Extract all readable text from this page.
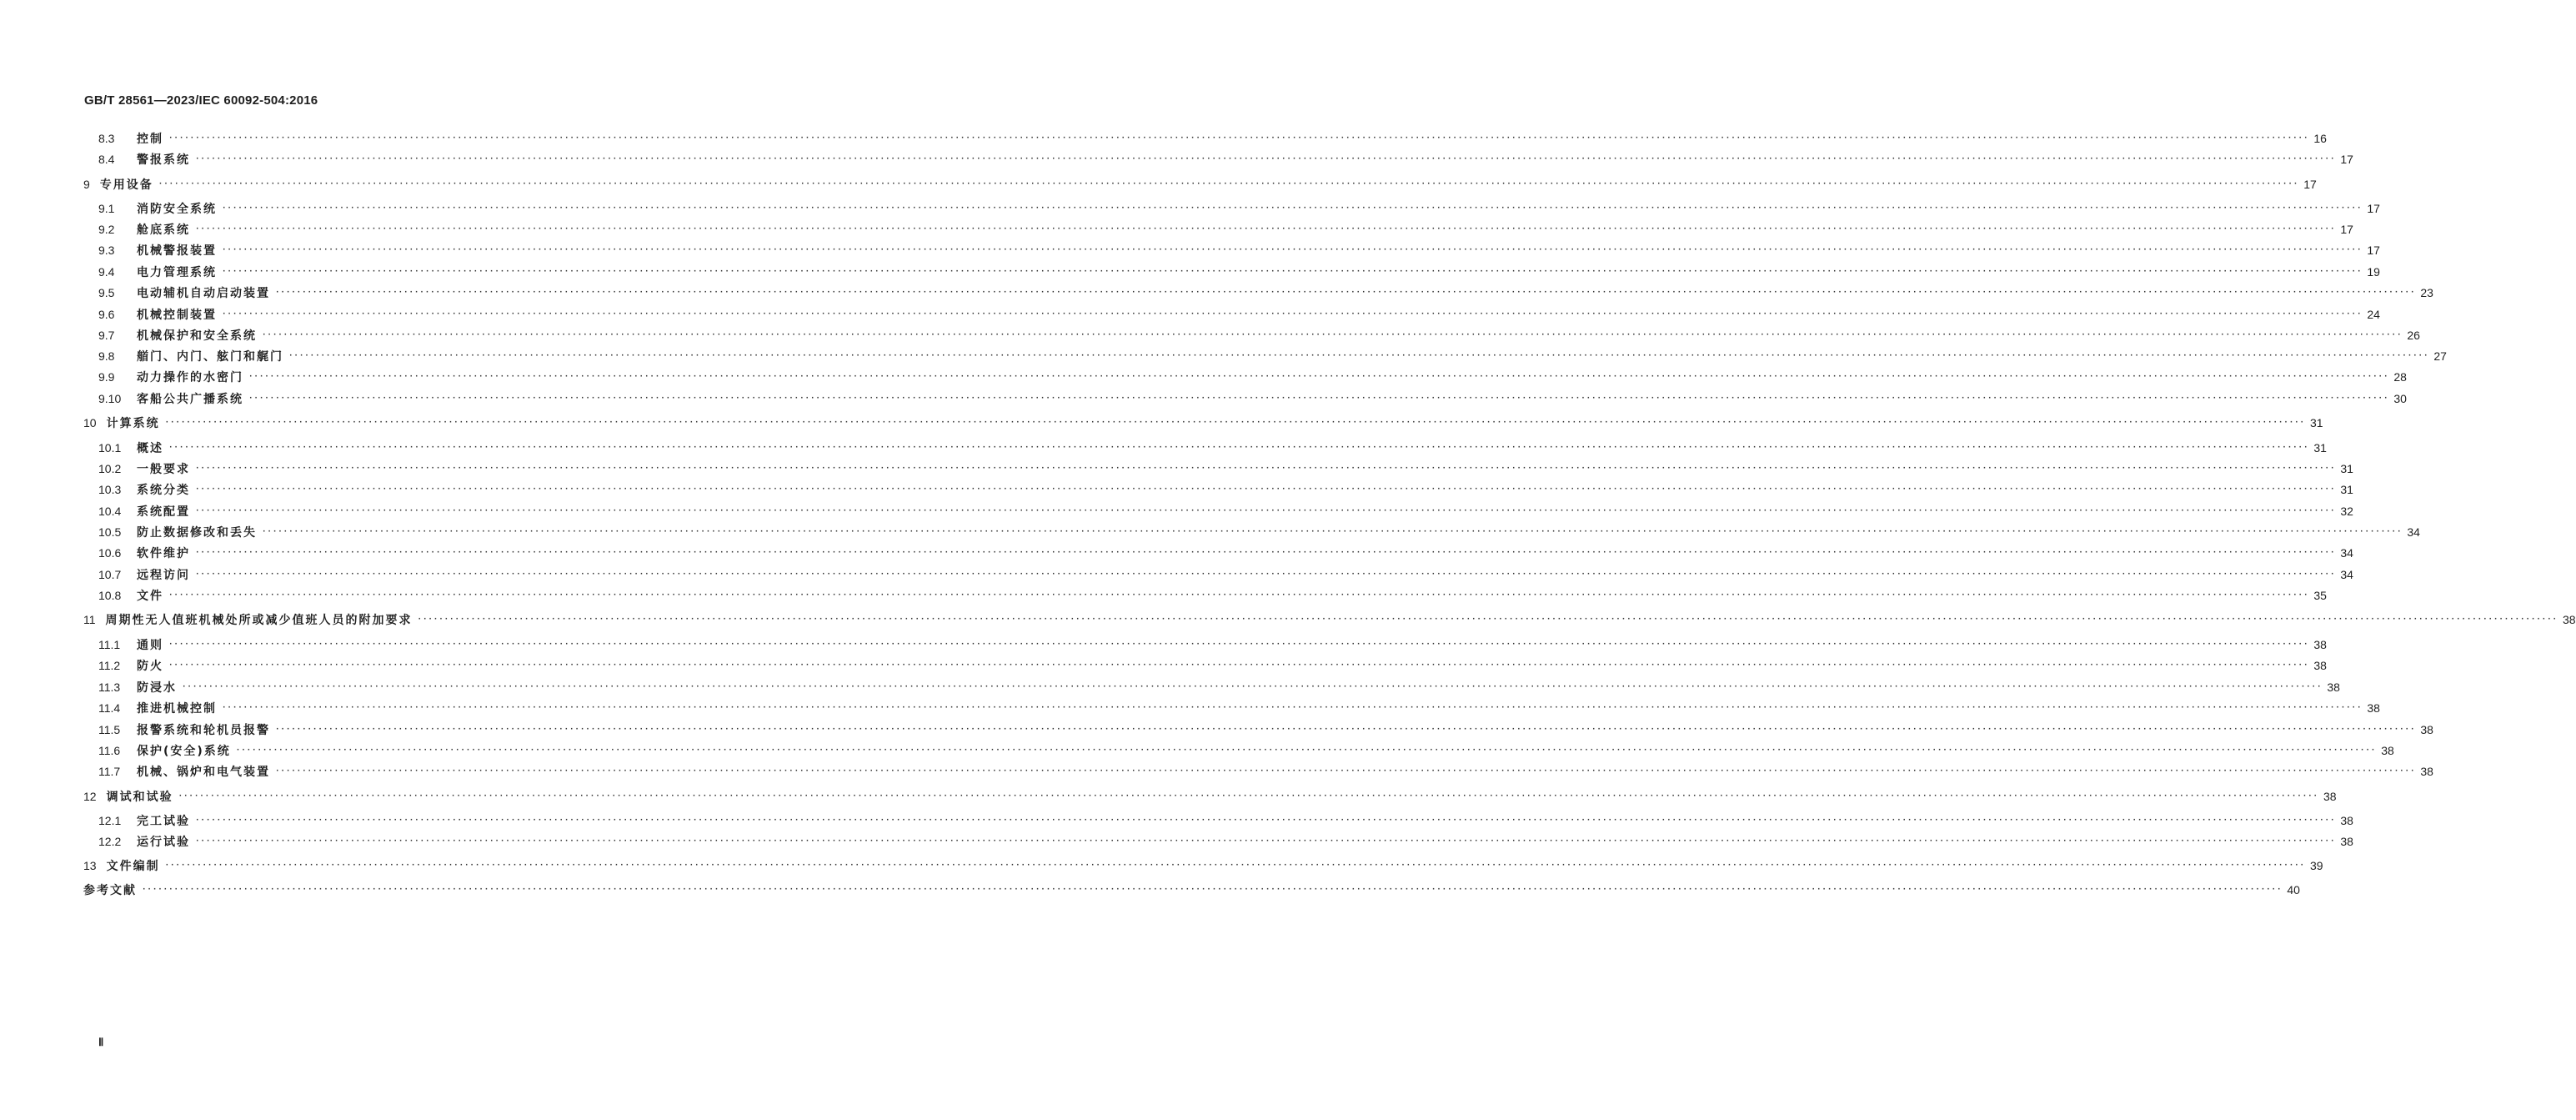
GB/T 28561—2023/IEC 60092-504:2016
8.3	控制 ················································································································································································································································································································································································································ 16
8.4	警报系统 ················································································································································································································································································································································································································ 17
9 专用设备 ················································································································································································································································································································································································································ 17
9.1	消防安全系统 ················································································································································································································································································································································································································ 17
9.2	舱底系统 ················································································································································································································································································································································································································ 17
9.3	机械警报装置 ················································································································································································································································································································································································································ 17
9.4	电力管理系统 ················································································································································································································································································································································································································ 19
9.5	电动辅机自动启动装置 ················································································································································································································································································································································································································ 23
9.6	机械控制装置 ················································································································································································································································································································································································································ 24
9.7	机械保护和安全系统 ················································································································································································································································································································································································································ 26
9.8	艏门、内门、舷门和艉门 ················································································································································································································································································································································································································ 27
9.9	动力操作的水密门 ················································································································································································································································································································································································································ 28
9.10	客船公共广播系统 ················································································································································································································································································································································································································ 30
10 计算系统 ················································································································································································································································································································································································································ 31
10.1	概述 ················································································································································································································································································································································································································ 31
10.2	一般要求 ················································································································································································································································································································································································································ 31
10.3	系统分类 ················································································································································································································································································································································································································ 31
10.4	系统配置 ················································································································································································································································································································································································································ 32
10.5	防止数据修改和丢失 ················································································································································································································································································································································································································ 34
10.6	软件维护 ················································································································································································································································································································································································································ 34
10.7	远程访问 ················································································································································································································································································································································································································ 34
10.8	文件 ················································································································································································································································································································································································································ 35
11 周期性无人值班机械处所或减少值班人员的附加要求 ················································································································································································································································································································································································································ 38
11.1	通则 ················································································································································································································································································································································································································ 38
11.2	防火 ················································································································································································································································································································································································································ 38
11.3	防浸水 ················································································································································································································································································································································································································ 38
11.4	推进机械控制 ················································································································································································································································································································································································································ 38
11.5	报警系统和轮机员报警 ················································································································································································································································································································································································································ 38
11.6	保护(安全)系统 ················································································································································································································································································································································································································ 38
11.7	机械、锅炉和电气装置 ················································································································································································································································································································································································································ 38
12 调试和试验 ················································································································································································································································································································································································································ 38
12.1	完工试验 ················································································································································································································································································································································································································ 38
12.2	运行试验 ················································································································································································································································································································································································································ 38
13 文件编制 ················································································································································································································································································································································································································ 39
参考文献 ················································································································································································································································································································································································································ 40
Ⅱ
